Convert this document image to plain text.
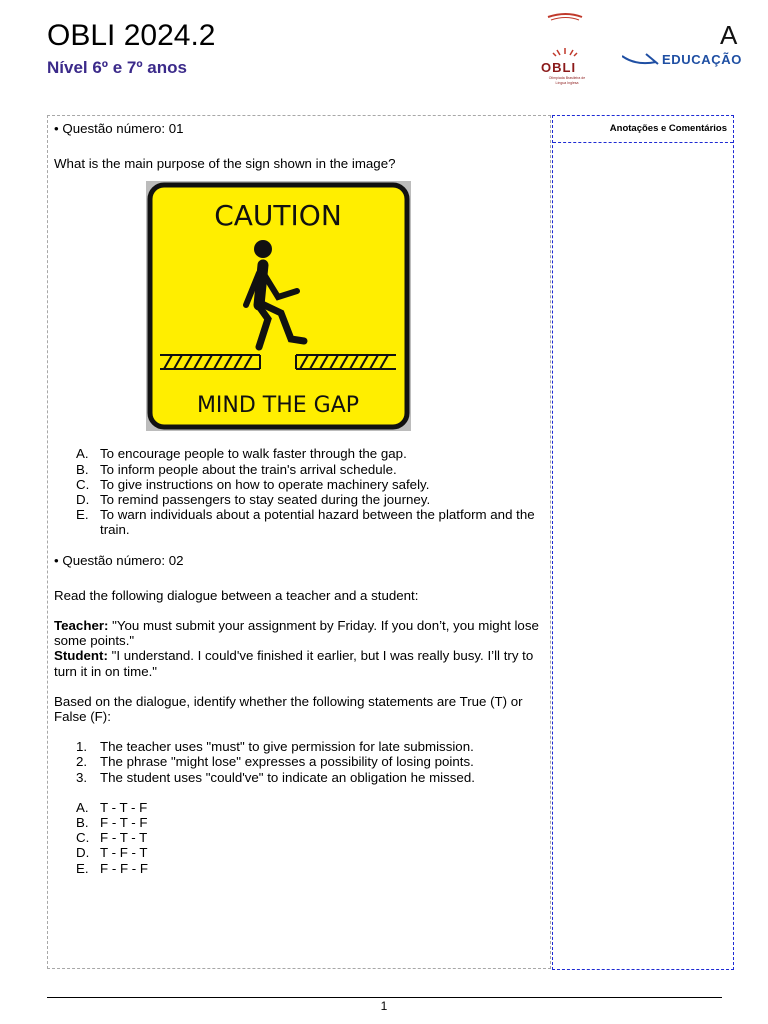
OBLI 2024.2
Nível 6º e 7º anos	OBLI
Olimpíada Brasileira de Língua Inglesa
A
EDUCAÇÃO
Anotações e Comentários

• Questão número: 01

What is the main purpose of the sign shown in the image?

CAUTION
MIND THE GAP
A. To encourage people to walk faster through the gap.
B. To inform people about the train's arrival schedule.
C. To give instructions on how to operate machinery safely.
D. To remind passengers to stay seated during the journey.
E. To warn individuals about a potential hazard between the platform and the train.

• Questão número: 02

Read the following dialogue between a teacher and a student:

Teacher: "You must submit your assignment by Friday. If you don’t, you might lose some points."

Student: "I understand. I could've finished it earlier, but I was really busy. I’ll try to turn it in on time."

Based on the dialogue, identify whether the following statements are True (T) or False (F):

1. The teacher uses "must" to give permission for late submission.
2. The phrase "might lose" expresses a possibility of losing points.
3. The student uses "could've" to indicate an obligation he missed.
A. T - T - F
B. F - T - F
C. F - T - T
D. T - F - T
E. F - F - F
1
